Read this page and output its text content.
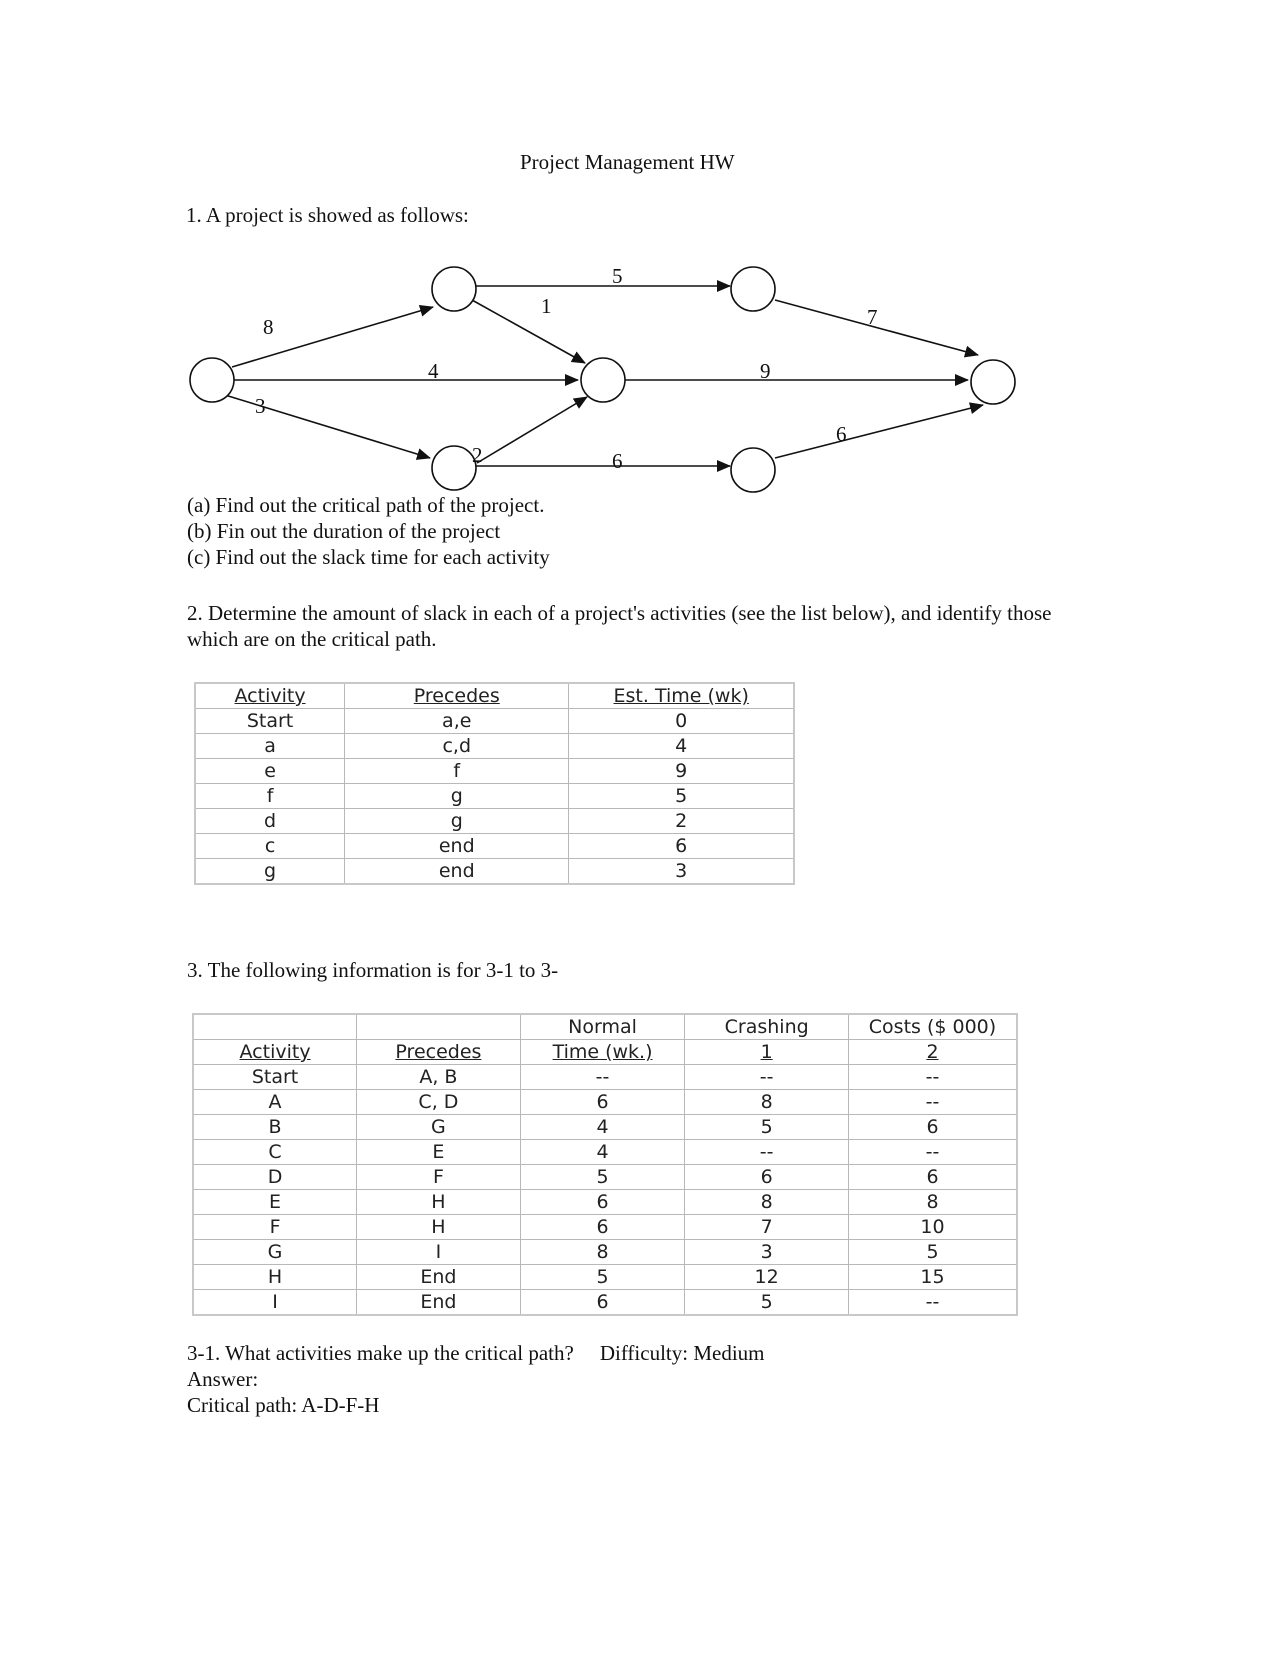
Project Management HW
1. A project is showed as follows:
8
4
3
1
2
5
6
9
7
6
(a) Find out the critical path of the project.
(b) Fin out the duration of the project
(c) Find out the slack time for each activity
2. Determine the amount of slack in each of a project's activities (see the list below), and identify those which are on the critical path.
Activity	Precedes	Est. Time (wk)
Start	a,e	0
a	c,d	4
e	f	9
f	g	5
d	g	2
c	end	6
g	end	3
3. The following information is for 3-1 to 3-
		Normal	Crashing	Costs ($ 000)
Activity	Precedes	Time (wk.)	1	2
Start	A, B	--	--	--
A	C, D	6	8	--
B	G	4	5	6
C	E	4	--	--
D	F	5	6	6
E	H	6	8	8
F	H	6	7	10
G	I	8	3	5
H	End	5	12	15
I	End	6	5	--
3-1. What activities make up the critical path? Difficulty: Medium
Answer:
Critical path: A-D-F-H
